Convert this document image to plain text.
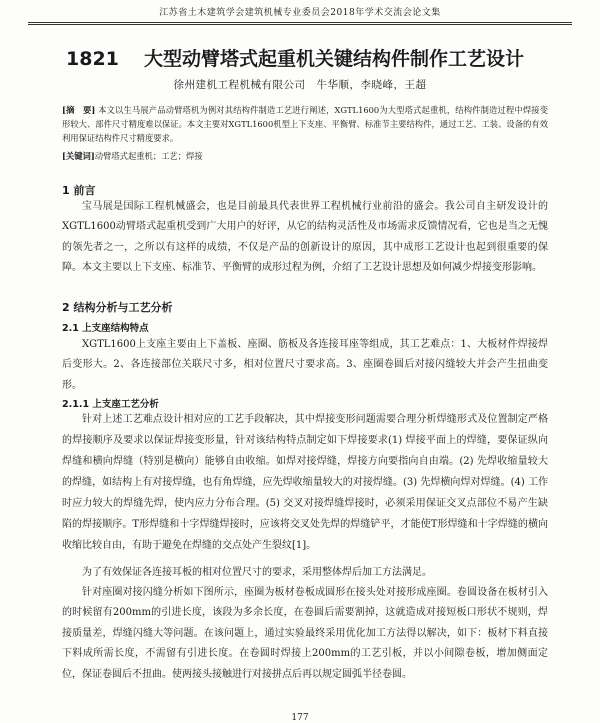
江苏省土木建筑学会建筑机械专业委员会2018年学术交流会论文集
1821 大型动臂塔式起重机关键结构件制作工艺设计
徐州建机工程机械有限公司　牛华顺，李晓峰，王超
[摘　要] 本文以生马展产品动臂塔机为例对其结构件制造工艺进行阐述，XGTL1600为大型塔式起重机，结构件制造过程中焊接变形较大、部件尺寸精度难以保证。本文主要对XGTL1600机型上下支座、平衡臂、标准节主要结构件，通过工艺、工装、设备的有效利用保证结构件尺寸精度要求。
[关键词]动臂塔式起重机；工艺；焊接
1 前言

宝马展是国际工程机械盛会，也是目前最具代表世界工程机械行业前沿的盛会。我公司自主研发设计的XGTL1600动臂塔式起重机受到广大用户的好评，从它的结构灵活性及市场需求反馈情况看，它也是当之无愧的领先者之一，之所以有这样的成绩，不仅是产品的创新设计的原因，其中成形工艺设计也起到很重要的保障。本文主要以上下支座、标准节、平衡臂的成形过程为例，介绍了工艺设计思想及如何减少焊接变形影响。

2 结构分析与工艺分析
2.1 上支座结构特点

XGTL1600上支座主要由上下盖板、座圈、筋板及各连接耳座等组成，其工艺难点：1、大板材件焊接焊后变形大。2、各连接部位关联尺寸多，相对位置尺寸要求高。3、座圈卷圆后对接闪缝较大并会产生扭曲变形。

2.1.1 上支座工艺分析

针对上述工艺难点设计相对应的工艺手段解决，其中焊接变形问题需要合理分析焊缝形式及位置制定严格的焊接顺序及要求以保证焊接变形量，针对该结构特点制定如下焊接要求(1) 焊接平面上的焊缝，要保证纵向焊缝和横向焊缝（特别是横向）能够自由收缩。如焊对接焊缝，焊接方向要指向自由端。(2) 先焊收缩量较大的焊缝，如结构上有对接焊缝，也有角焊缝，应先焊收缩量较大的对接焊缝。(3) 先焊横向焊对焊缝。(4) 工作时应力较大的焊缝先焊，使内应力分布合理。(5) 交叉对接焊缝焊接时，必须采用保证交叉点部位不易产生缺陷的焊接顺序。T形焊缝和十字焊缝焊接时，应该将交叉处先焊的焊缝铲平，才能使T形焊缝和十字焊缝的横向收缩比较自由，有助于避免在焊缝的交点处产生裂纹[1]。

为了有效保证各连接耳板的相对位置尺寸的要求，采用整体焊后加工方法满足。

针对座圈对接闪缝分析如下图所示，座圈为板材卷板成圆形在接头处对接形成座圈。卷圆设备在板材引入的时候留有200mm的引进长度，该段为多余长度，在卷圆后需要割掉，这就造成对接短板口形状不规则，焊接质量差，焊缝闪缝大等问题。在该问题上，通过实验最终采用优化加工方法得以解决，如下：板材下料直接下料成所需长度，不需留有引进长度。在卷圆时焊接上200mm的工艺引板，并以小间隙卷板，增加侧面定位，保证卷圆后不扭曲。使两接头接触进行对接拼点后再以规定圆弧半径卷圆。

177
